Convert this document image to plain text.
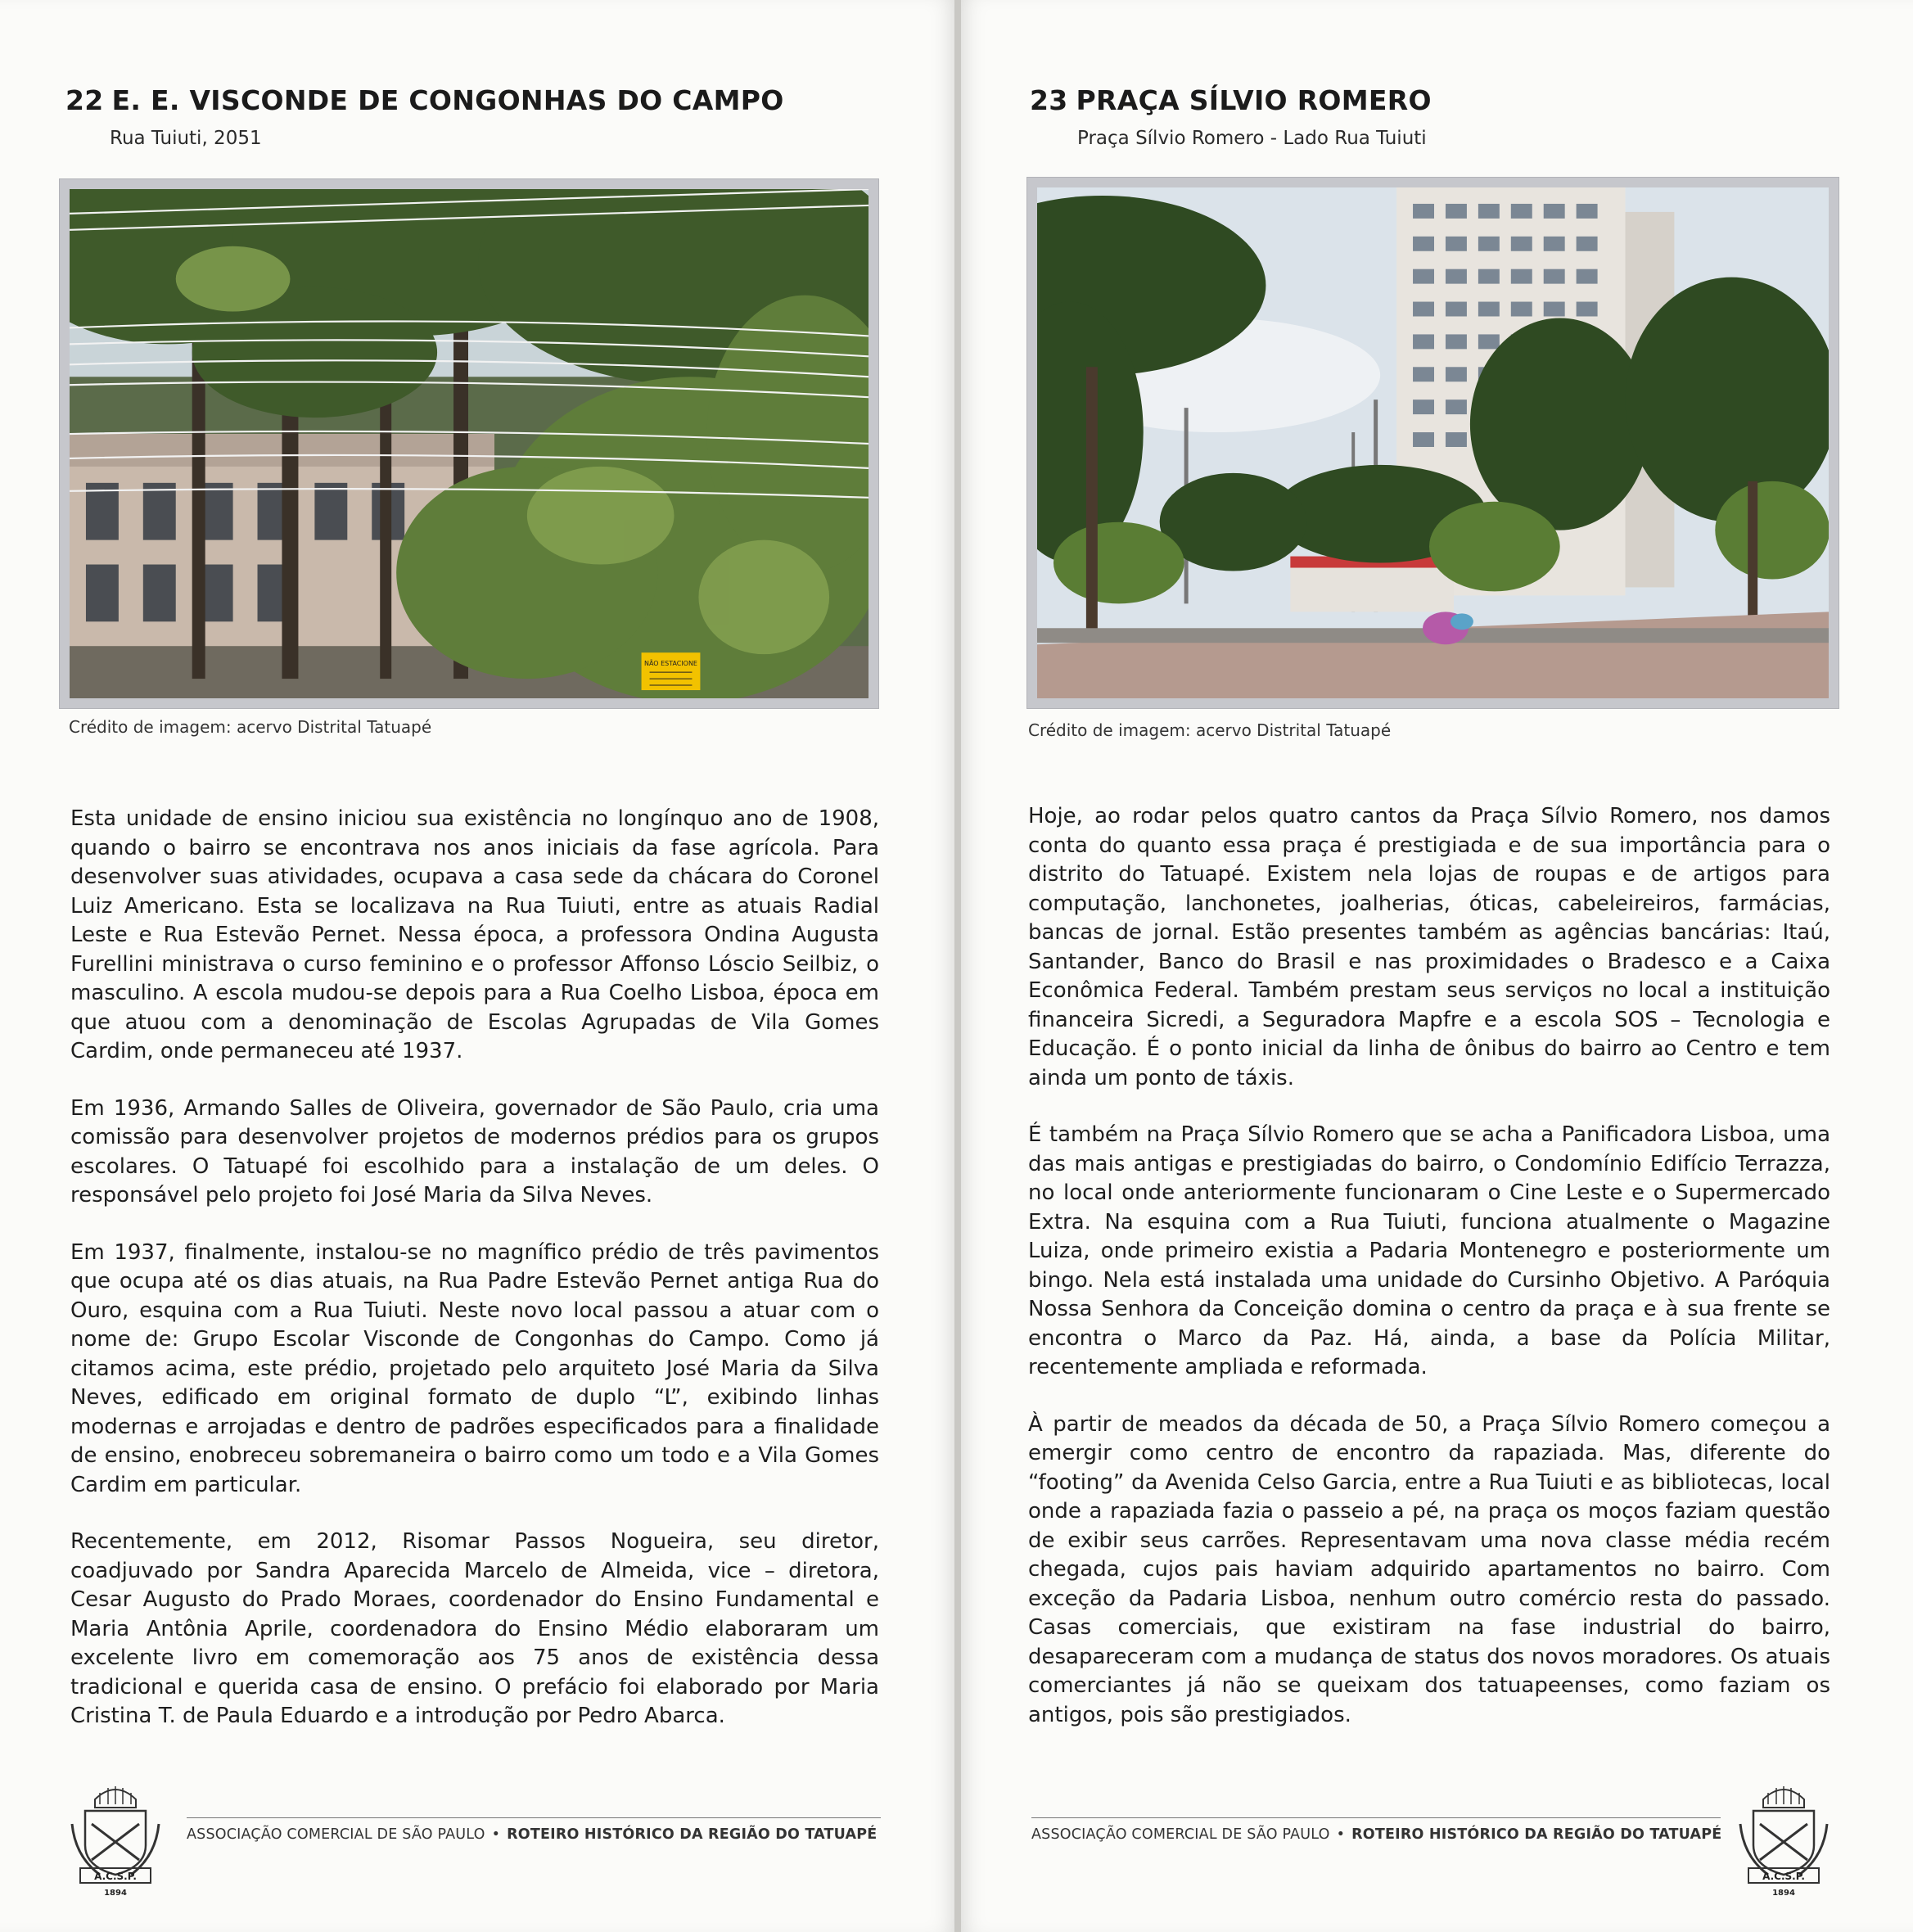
22 E. E. VISCONDE DE CONGONHAS DO CAMPO

Rua Tuiuti, 2051

NÃO ESTACIONE
Crédito de imagem: acervo Distrital Tatuapé

Esta unidade de ensino iniciou sua existência no longínquo ano de 1908, quando o bairro se encontrava nos anos iniciais da fase agrícola. Para desenvolver suas atividades, ocupava a casa sede da chácara do Coronel Luiz Americano. Esta se localizava na Rua Tuiuti, entre as atuais Radial Leste e Rua Estevão Pernet. Nessa época, a professora Ondina Augusta Furellini ministrava o curso feminino e o professor Affonso Lóscio Seilbiz, o masculino. A escola mudou-se depois para a Rua Coelho Lisboa, época em que atuou com a denominação de Escolas Agrupadas de Vila Gomes Cardim, onde permaneceu até 1937.

Em 1936, Armando Salles de Oliveira, governador de São Paulo, cria uma comissão para desenvolver projetos de modernos prédios para os grupos escolares. O Tatuapé foi escolhido para a instalação de um deles. O responsável pelo projeto foi José Maria da Silva Neves.

Em 1937, finalmente, instalou-se no magnífico prédio de três pavimentos que ocupa até os dias atuais, na Rua Padre Estevão Pernet antiga Rua do Ouro, esquina com a Rua Tuiuti. Neste novo local passou a atuar com o nome de: Grupo Escolar Visconde de Congonhas do Campo. Como já citamos acima, este prédio, projetado pelo arquiteto José Maria da Silva Neves, edificado em original formato de duplo “L”, exibindo linhas modernas e arrojadas e dentro de padrões especificados para a finalidade de ensino, enobreceu sobremaneira o bairro como um todo e a Vila Gomes Cardim em particular.

Recentemente, em 2012, Risomar Passos Nogueira, seu diretor, coadjuvado por Sandra Aparecida Marcelo de Almeida, vice – diretora, Cesar Augusto do Prado Moraes, coordenador do Ensino Fundamental e Maria Antônia Aprile, coordenadora do Ensino Médio elaboraram um excelente livro em comemoração aos 75 anos de existência dessa tradicional e querida casa de ensino. O prefácio foi elaborado por Maria Cristina T. de Paula Eduardo e a introdução por Pedro Abarca.

A.C.S.P.
1894
ASSOCIAÇÃO COMERCIAL DE SÃO PAULO • ROTEIRO HISTÓRICO DA REGIÃO DO TATUAPÉ
23 PRAÇA SÍLVIO ROMERO

Praça Sílvio Romero - Lado Rua Tuiuti

Crédito de imagem: acervo Distrital Tatuapé

Hoje, ao rodar pelos quatro cantos da Praça Sílvio Romero, nos damos conta do quanto essa praça é prestigiada e de sua importância para o distrito do Tatuapé. Existem nela lojas de roupas e de artigos para computação, lanchonetes, joalherias, óticas, cabeleireiros, farmácias, bancas de jornal. Estão presentes também as agências bancárias: Itaú, Santander, Banco do Brasil e nas proximidades o Bradesco e a Caixa Econômica Federal. Também prestam seus serviços no local a instituição financeira Sicredi, a Seguradora Mapfre e a escola SOS – Tecnologia e Educação. É o ponto inicial da linha de ônibus do bairro ao Centro e tem ainda um ponto de táxis.

É também na Praça Sílvio Romero que se acha a Panificadora Lisboa, uma das mais antigas e prestigiadas do bairro, o Condomínio Edifício Terrazza, no local onde anteriormente funcionaram o Cine Leste e o Supermercado Extra. Na esquina com a Rua Tuiuti, funciona atualmente o Magazine Luiza, onde primeiro existia a Padaria Montenegro e posteriormente um bingo. Nela está instalada uma unidade do Cursinho Objetivo. A Paróquia Nossa Senhora da Conceição domina o centro da praça e à sua frente se encontra o Marco da Paz. Há, ainda, a base da Polícia Militar, recentemente ampliada e reformada.

À partir de meados da década de 50, a Praça Sílvio Romero começou a emergir como centro de encontro da rapaziada. Mas, diferente do “footing” da Avenida Celso Garcia, entre a Rua Tuiuti e as bibliotecas, local onde a rapaziada fazia o passeio a pé, na praça os moços faziam questão de exibir seus carrões. Representavam uma nova classe média recém chegada, cujos pais haviam adquirido apartamentos no bairro. Com exceção da Padaria Lisboa, nenhum outro comércio resta do passado. Casas comerciais, que existiram na fase industrial do bairro, desapareceram com a mudança de status dos novos moradores. Os atuais comerciantes já não se queixam dos tatuapeenses, como faziam os antigos, pois são prestigiados.

ASSOCIAÇÃO COMERCIAL DE SÃO PAULO • ROTEIRO HISTÓRICO DA REGIÃO DO TATUAPÉ
A.C.S.P.
1894
